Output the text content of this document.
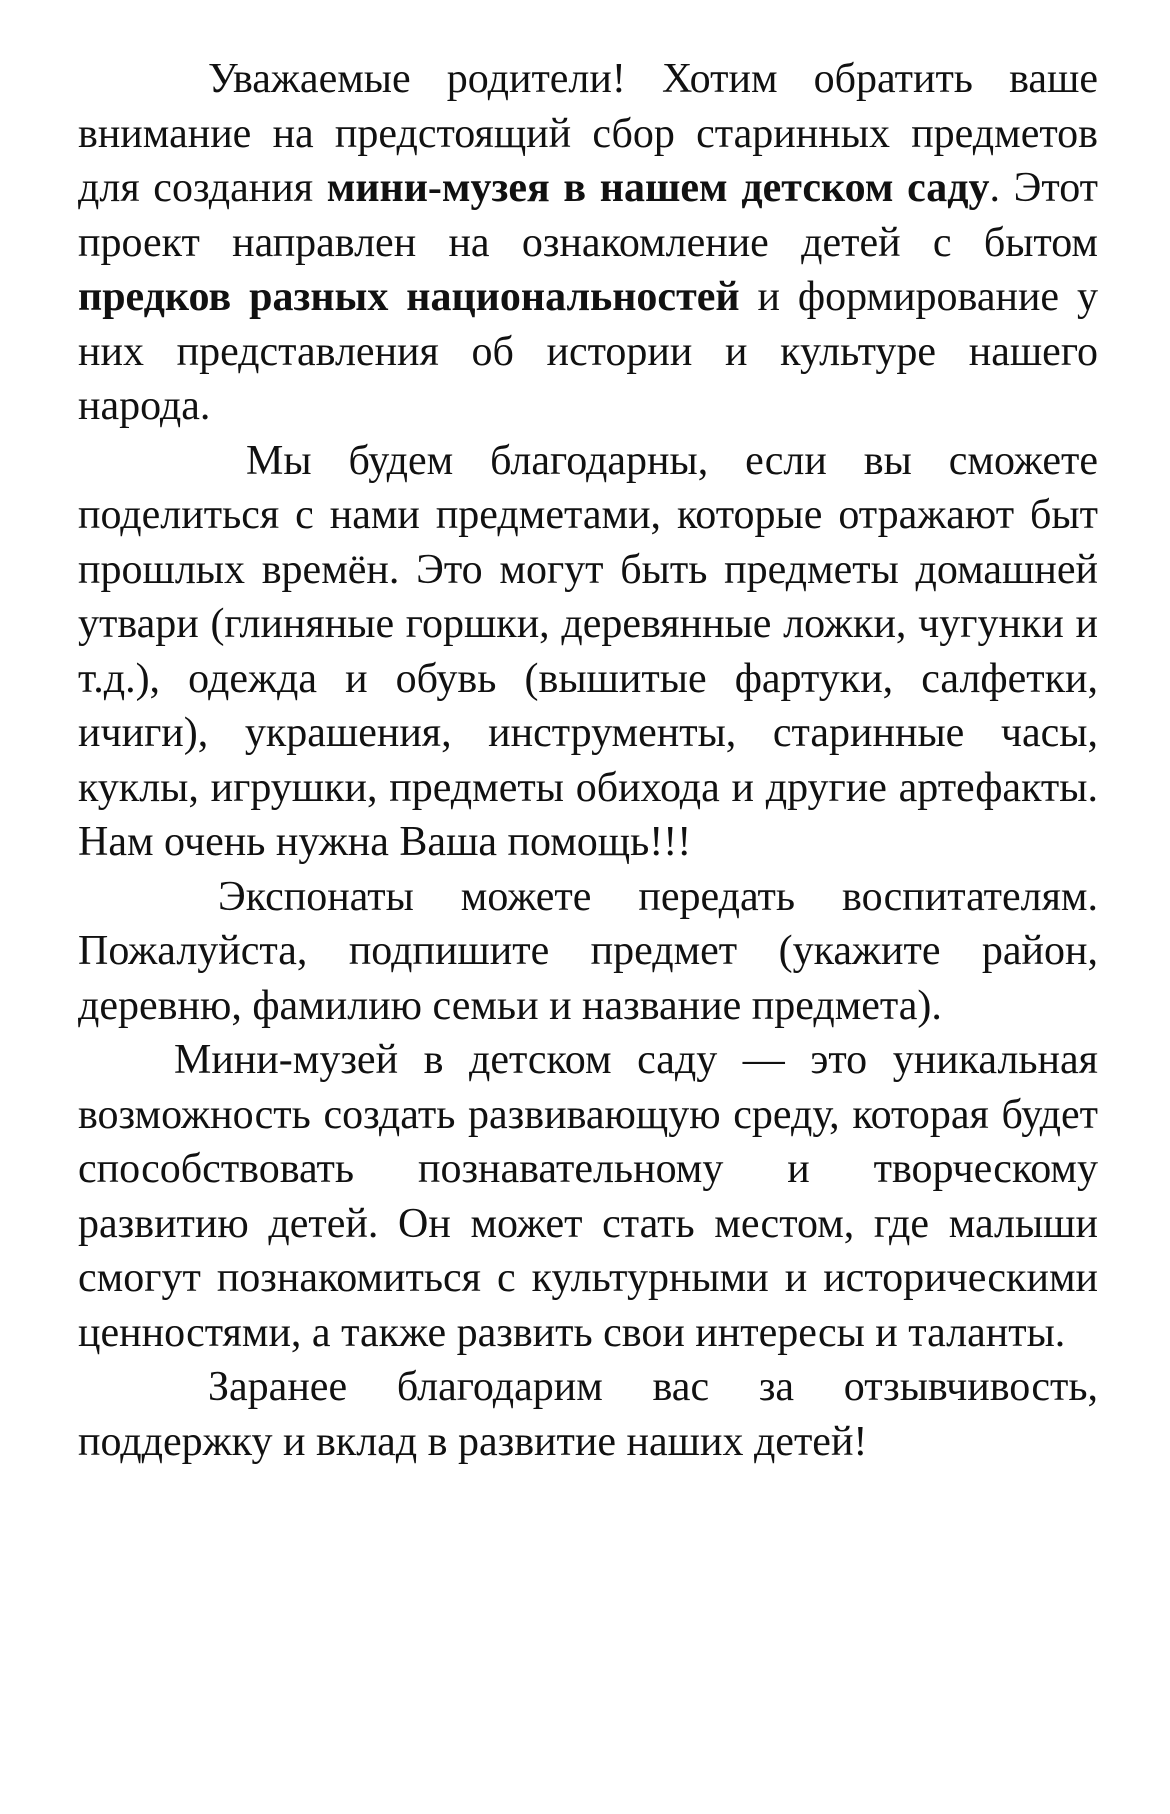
Уважаемые родители! Хотим обратить ваше внимание на предстоящий сбор старинных предметов для создания мини-музея в нашем детском саду. Этот проект направлен на ознакомление детей с бытом предков разных национальностей и формирование у них представления об истории и культуре нашего народа.

Мы будем благодарны, если вы сможете поделиться с нами предметами, которые отражают быт прошлых времён. Это могут быть предметы домашней утвари (глиняные горшки, деревянные ложки, чугунки и т.д.), одежда и обувь (вышитые фартуки, салфетки, ичиги), украшения, инструменты, старинные часы, куклы, игрушки, предметы обихода и другие артефакты. Нам очень нужна Ваша помощь!!!

Экспонаты можете передать воспитателям. Пожалуйста, подпишите предмет (укажите район, деревню, фамилию семьи и название предмета).

Мини-музей в детском саду — это уникальная возможность создать развивающую среду, которая будет способствовать познавательному и творческому развитию детей. Он может стать местом, где малыши смогут познакомиться с культурными и историческими ценностями, а также развить свои интересы и таланты.

Заранее благодарим вас за отзывчивость, поддержку и вклад в развитие наших детей!
